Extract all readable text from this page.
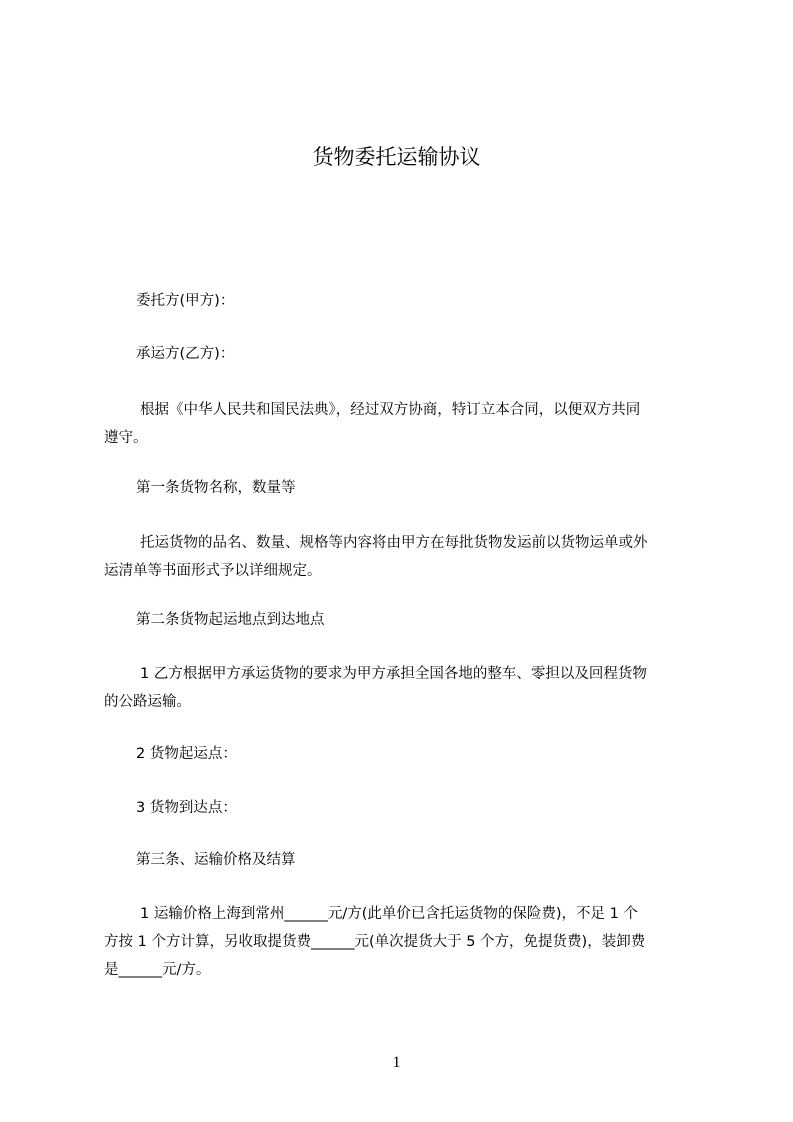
货物委托运输协议
委托方(甲方)：
承运方(乙方)：
根据《中华人民共和国民法典》，经过双方协商，特订立本合同，以便双方共同
遵守。
第一条货物名称，数量等
托运货物的品名、数量、规格等内容将由甲方在每批货物发运前以货物运单或外
运清单等书面形式予以详细规定。
第二条货物起运地点到达地点
1 乙方根据甲方承运货物的要求为甲方承担全国各地的整车、零担以及回程货物
的公路运输。
2 货物起运点：
3 货物到达点：
第三条、运输价格及结算
1 运输价格上海到常州______元/方(此单价已含托运货物的保险费)，不足 1 个
方按 1 个方计算，另收取提货费______元(单次提货大于 5 个方，免提货费)，装卸费
是______元/方。
1
